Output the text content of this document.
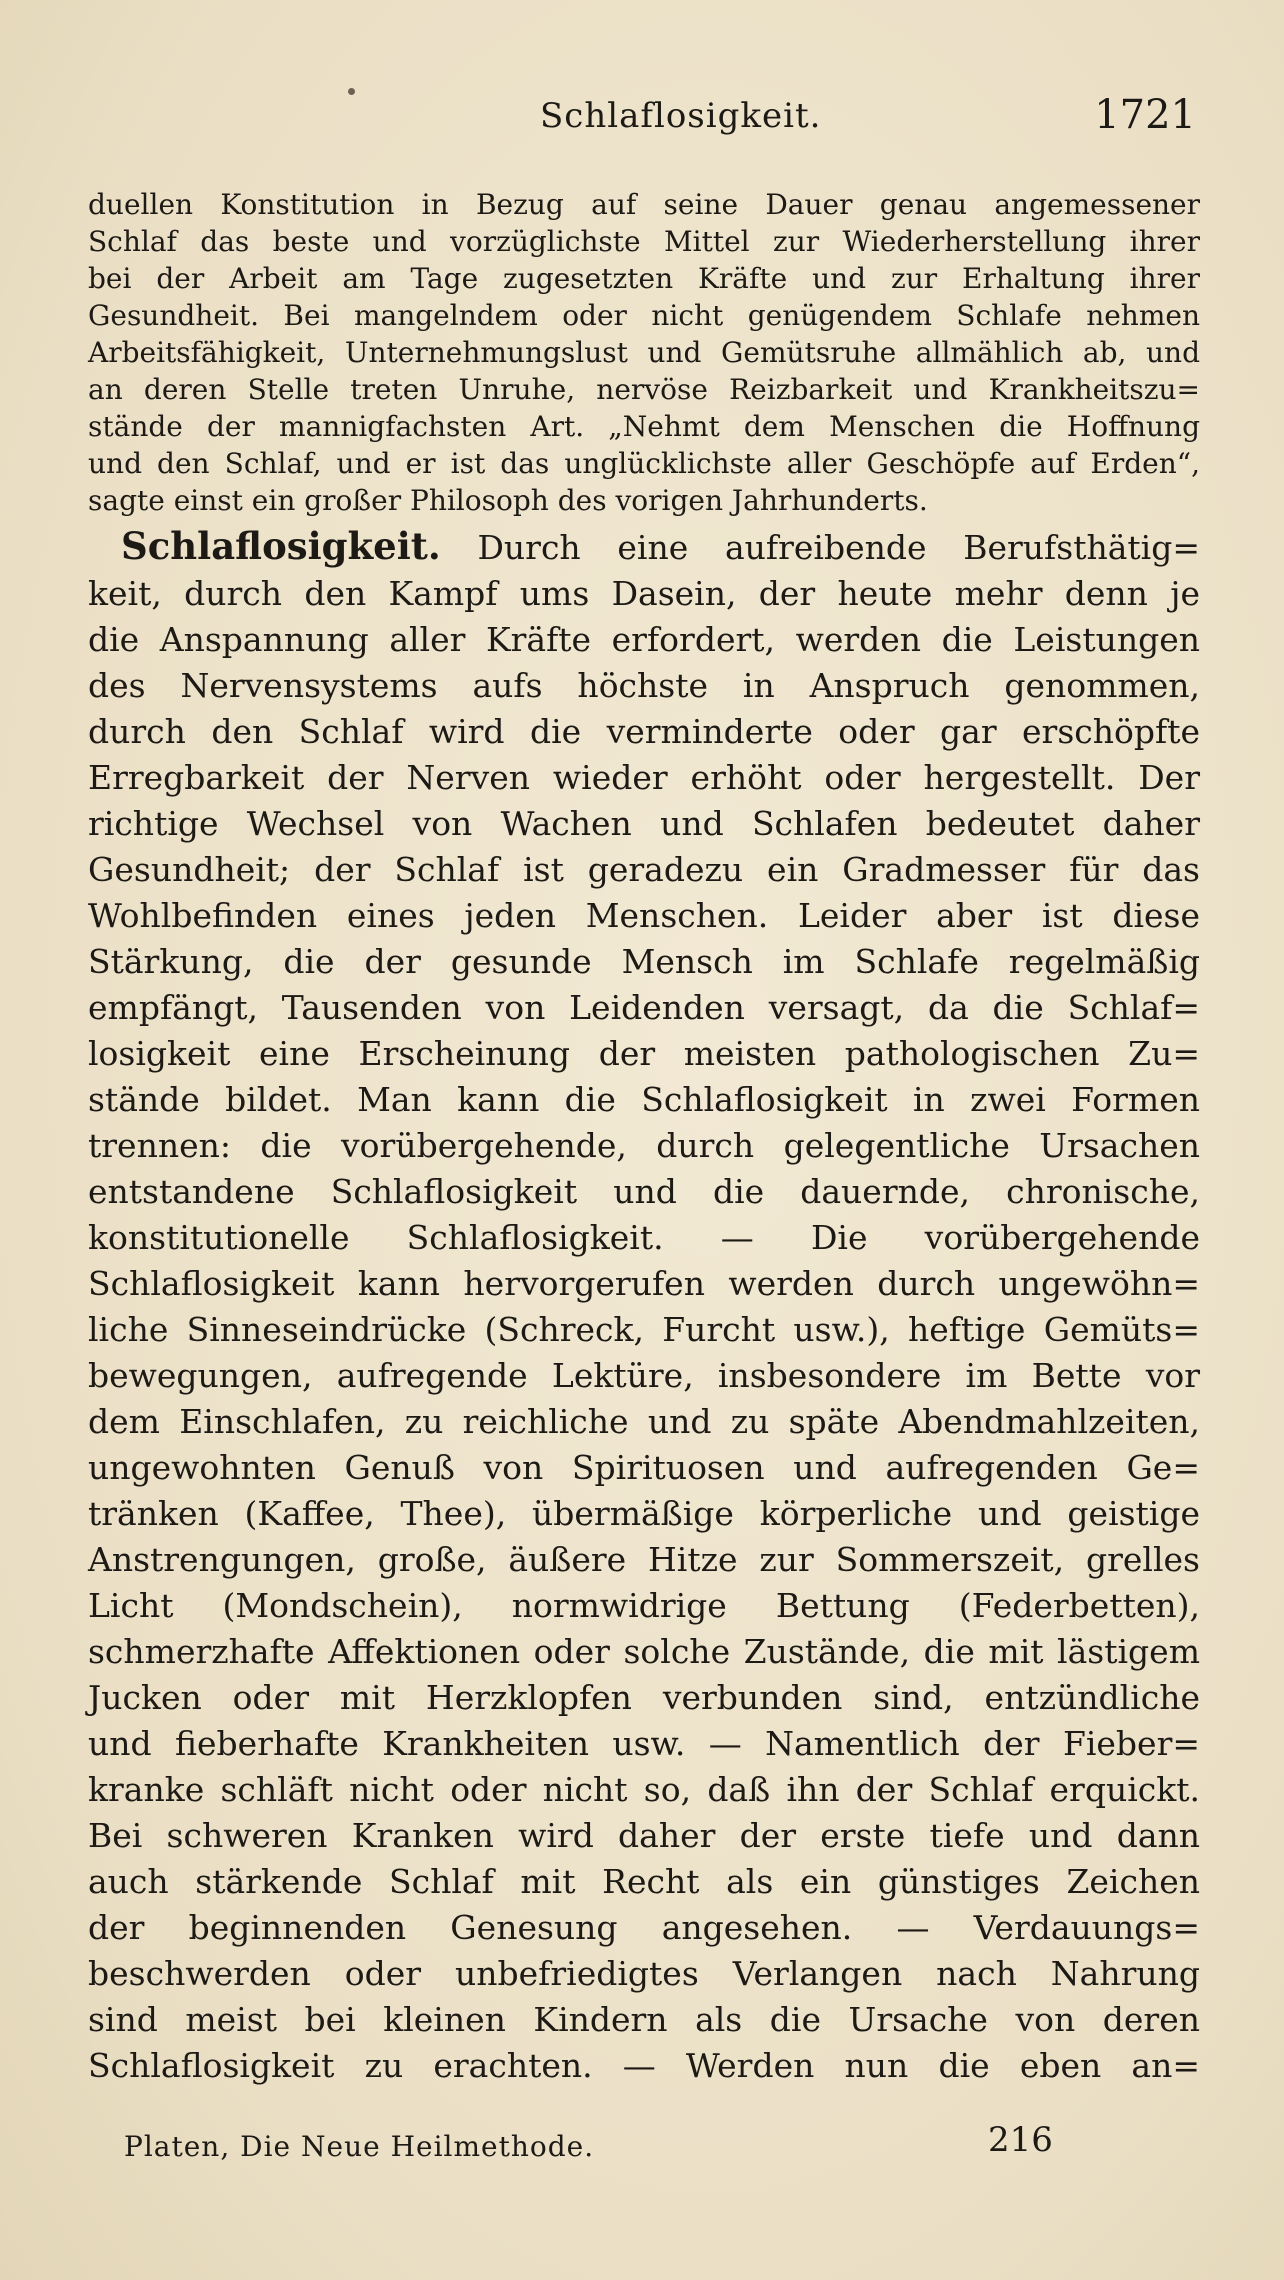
Schlaflosigkeit.	1721
duellen Konstitution in Bezug auf seine Dauer genau angemessener
Schlaf das beste und vorzüglichste Mittel zur Wiederherstellung ihrer
bei der Arbeit am Tage zugesetzten Kräfte und zur Erhaltung ihrer
Gesundheit. Bei mangelndem oder nicht genügendem Schlafe nehmen
Arbeitsfähigkeit, Unternehmungslust und Gemütsruhe allmählich ab, und
an deren Stelle treten Unruhe, nervöse Reizbarkeit und Krankheitszu=
stände der mannigfachsten Art. „Nehmt dem Menschen die Hoffnung
und den Schlaf, und er ist das unglücklichste aller Geschöpfe auf Erden“,
sagte einst ein großer Philosoph des vorigen Jahrhunderts.
 Schlaflosigkeit. Durch eine aufreibende Berufsthätig=
keit, durch den Kampf ums Dasein, der heute mehr denn je
die Anspannung aller Kräfte erfordert, werden die Leistungen
des Nervensystems aufs höchste in Anspruch genommen,
durch den Schlaf wird die verminderte oder gar erschöpfte
Erregbarkeit der Nerven wieder erhöht oder hergestellt. Der
richtige Wechsel von Wachen und Schlafen bedeutet daher
Gesundheit; der Schlaf ist geradezu ein Gradmesser für das
Wohlbefinden eines jeden Menschen. Leider aber ist diese
Stärkung, die der gesunde Mensch im Schlafe regelmäßig
empfängt, Tausenden von Leidenden versagt, da die Schlaf=
losigkeit eine Erscheinung der meisten pathologischen Zu=
stände bildet. Man kann die Schlaflosigkeit in zwei Formen
trennen: die vorübergehende, durch gelegentliche Ursachen
entstandene Schlaflosigkeit und die dauernde, chronische,
konstitutionelle Schlaflosigkeit. — Die vorübergehende
Schlaflosigkeit kann hervorgerufen werden durch ungewöhn=
liche Sinneseindrücke (Schreck, Furcht usw.), heftige Gemüts=
bewegungen, aufregende Lektüre, insbesondere im Bette vor
dem Einschlafen, zu reichliche und zu späte Abendmahlzeiten,
ungewohnten Genuß von Spirituosen und aufregenden Ge=
tränken (Kaffee, Thee), übermäßige körperliche und geistige
Anstrengungen, große, äußere Hitze zur Sommerszeit, grelles
Licht (Mondschein), normwidrige Bettung (Federbetten),
schmerzhafte Affektionen oder solche Zustände, die mit lästigem
Jucken oder mit Herzklopfen verbunden sind, entzündliche
und fieberhafte Krankheiten usw. — Namentlich der Fieber=
kranke schläft nicht oder nicht so, daß ihn der Schlaf erquickt.
Bei schweren Kranken wird daher der erste tiefe und dann
auch stärkende Schlaf mit Recht als ein günstiges Zeichen
der beginnenden Genesung angesehen. — Verdauungs=
beschwerden oder unbefriedigtes Verlangen nach Nahrung
sind meist bei kleinen Kindern als die Ursache von deren
Schlaflosigkeit zu erachten. — Werden nun die eben an=
Platen, Die Neue Heilmethode.	216
